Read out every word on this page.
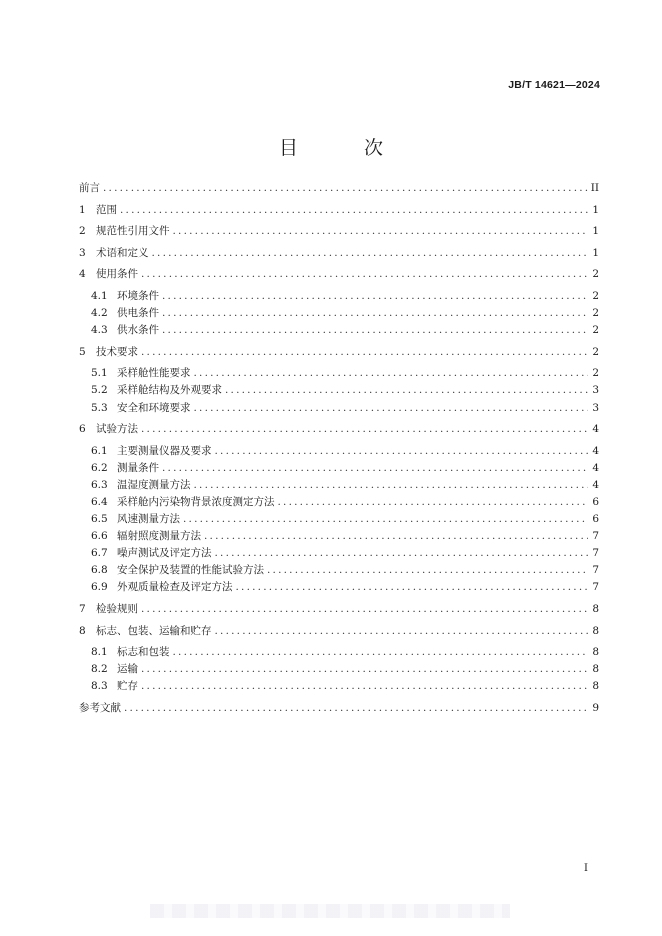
JB/T 14621—2024
目 次
前言 .....	II
1 范围 .....	1
2 规范性引用文件 .....	1
3 术语和定义 .....	1
4 使用条件 .....	2
4.1 环境条件 .....	2
4.2 供电条件 .....	2
4.3 供水条件 .....	2
5 技术要求 .....	2
5.1 采样舱性能要求 .....	2
5.2 采样舱结构及外观要求 .....	3
5.3 安全和环境要求 .....	3
6 试验方法 .....	4
6.1 主要测量仪器及要求 .....	4
6.2 测量条件 .....	4
6.3 温湿度测量方法 .....	4
6.4 采样舱内污染物背景浓度测定方法 .....	6
6.5 风速测量方法 .....	6
6.6 辐射照度测量方法 .....	7
6.7 噪声测试及评定方法 .....	7
6.8 安全保护及装置的性能试验方法 .....	7
6.9 外观质量检查及评定方法 .....	7
7 检验规则 .....	8
8 标志、包装、运输和贮存 .....	8
8.1 标志和包装 .....	8
8.2 运输 .....	8
8.3 贮存 .....	8
参考文献 .....	9
I
